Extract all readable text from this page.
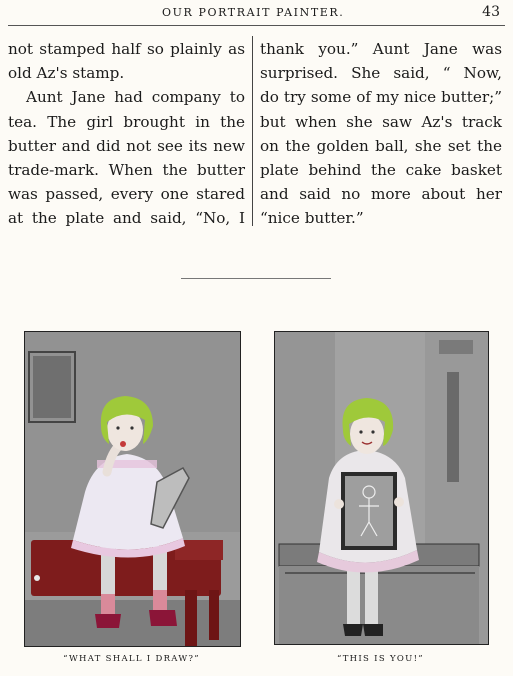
OUR PORTRAIT PAINTER.	43

not stamped half so plainly as
old Az's stamp.

Aunt Jane had company to
tea. The girl brought in the
butter and did not see its new
trade-mark. When the butter
was passed, every one stared
at the plate and said, “No, I

thank you.” Aunt Jane was
surprised. She said, “ Now,
do try some of my nice butter;”
but when she saw Az's track
on the golden ball, she set the
plate behind the cake basket
and said no more about her
“nice butter.”

“WHAT SHALL I DRAW?”	“THIS IS YOU!”
